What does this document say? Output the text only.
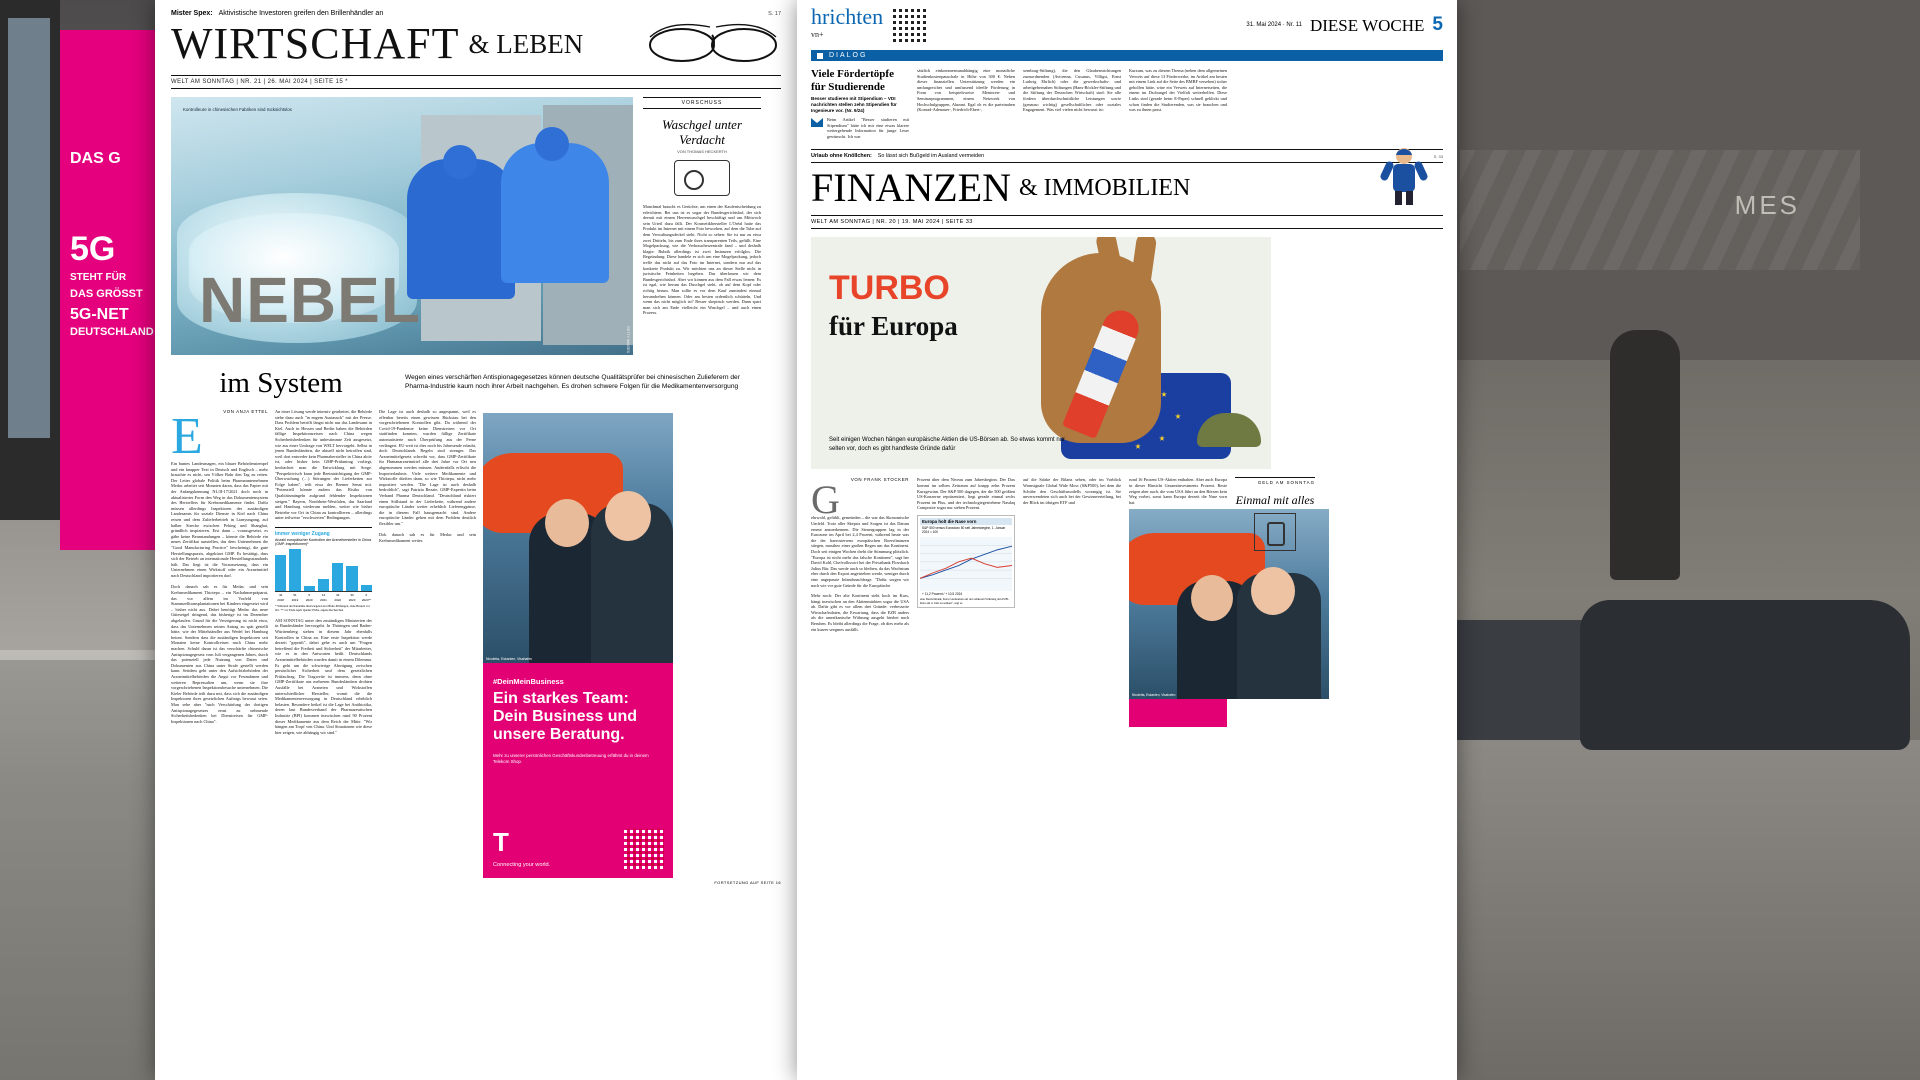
DAS G
5G
STEHT FÜR
DAS GRÖSST
5G-NET
DEUTSCHLAND
MES
Mister Spex: Aktivistische Investoren greifen den Brillenhändler an	S. 17
WIRTSCHAFT & LEBEN
WELT AM SONNTAG | NR. 21 | 26. MAI 2024 | SEITE 15 *
Kontrolleure in chinesischen Fabriken sind rücksichtslos
GETTY IMAGES
NEBEL
VORSCHUSS
Waschgel unter Verdacht
VON THOMAS HECKERTH
Manchmal braucht es Gerüchte, um einen der Kaufentscheidung zu erleichtern. Bei uns ist es sogar der Bundesgerichtshof, der sich dermit mit einem Herrenwaschgel beschäftigt und am Mittwoch sein Urteil dazu fällt. Der Kosmetikhersteller L'Oréal hatte das Produkt im Internet mit einem Foto beworben, auf dem die Tube auf dem Verwaltungsdeckel steht. Nicht so sehen: Sie ist nur zu etwa zwei Dritteln, bis zum Ende ihres transparenten Teils, gefüllt. Eine Mogelpackung, wie die Verbraucherzentrale fand – und deshalb klagte. Rubrik allerdings ist zwei Instanzen erfolglos. Die Begründung: Diese handele es sich um eine Mogelpackung, jedoch treffe das nicht auf das Foto im Internet, sondern nur auf das konkrete Produkt zu. Wir möchten uns an dieser Stelle nicht in juristische Feinheiten begeben. Das überlassen wir dem Bundesgerichtshof. Aber wir können aus dem Fall etwas lernen: Es ist egal, wie herum das Duschgel steht, ob auf dem Kopf oder richtig herum. Man sollte es vor dem Kauf zumindest einmal herumdrehen können. Oder am besten ordentlich schütteln. Und wenn das nicht möglich ist? Besser skeptisch werden. Dann spart man sich am Ende vielleicht ein Waschgel – und auch einen Prozess.
im System	Wegen eines verschärften Antispionagegesetzes können deutsche Qualitätsprüfer bei chinesischen Zulieferern der Pharma-Industrie kaum noch ihrer Arbeit nachgehen. Es drohen schwere Folgen für die Medikamentenversorgung
VON ANJA ETTEL
E
Ein buntes Landesmagen, ein blauer Behördenstempel und ein knapper Text in Deutsch und Englisch – mehr brauchte es nicht, um Völker Bahr den Tag zu retten. Der Leiter globale Politik beim Pharmaunternehmen Medac arbeitet seit Monaten daran, dass das Papier mit der Anfangskennung NL/II-17/2021 doch noch in aktualisierter Form den Weg in das Dokumentensystem des Herstellers für Krebsmedikamente findet. Dafür müssen allerdings Inspektoren des zuständigen Landesamts für soziale Dienste in Kiel nach China reisen und dem Zulieferbetrieb in Lianyungang, auf halber Strecke zwischen Peking und Shanghai, gründlich inspizieren. Erst dann – vorausgesetzt, es gäbe keine Beanstandungen – könnte die Behörde ein neues Zertifikat ausstellen, das dem Unternehmen die "Good Manufacturing Practice" bescheinigt, die gute Herstellungspraxis, abgekürzt GMP. Es bestätigt, dass sich der Betrieb an internationale Herstellungsstandards hält. Das liegt ist die Voraussetzung, dass ein Unternehmen einen Wirkstoff oder ein Arzneimittel nach Deutschland importieren darf.
Doch danach sah es für Medac und sein Krebsmedikament Thiotepa – ein Nachahmerpräparat, das vor allem im Vorfeld von Stammzelltransplantationen bei Kindern eingesetzt wird – bisher nicht aus. Dabei benötigt Medac das neue Güteseigel dringend, das bisherige ist im Dezember abgelaufen. Grund für die Verzögerung ist nicht etwa, dass das Unternehmen seinen Antrag zu spät gestellt hätte, wie der Mittelständler aus Wedel bei Hamburg betont. Sondern dass die zuständigen Inspektoren seit Monaten keine Kontrollreisen nach China mehr machen. Schuld daran ist das verschärfte chinesische Antispionagegesetz vom Juli vergangenen Jahres, durch das potenziell jede Nutzung von Daten und Dokumenten aus China unter Strafe gestellt werden kann. Seitdem geht unter den Aufsichtsbehörden der Arzneimittelbehörden die Angst vor Festnahmen und weiteren Repressalien um, wenn sie ihre vorgeschriebenen Inspektionsbesuche unternehmen. Die Kieler Behörde teilt dazu mit, dass sich die zuständigen Inspektoren ihres gesetzlichen Auftrags bewusst seien. Man sehe aber "nach Verschärfung der dortigen Antispionagegesetzes ernst zu nehmende Sicherheitsbedenken bei Dienstreisen für GMP-Inspektionen nach China".
An einer Lösung werde intensiv gearbeitet, die Behörde stehe dazu auch "in engem Austausch" mit der Presse. Dass Problem betrifft längst nicht nur das Landesamt in Kiel. Auch in Hessen und Berlin haben die Behörden fällige Inspektionsreisen nach China wegen Sicherheitsbedenken für unbestimmte Zeit ausgesetzt, wie aus einer Umfrage von WELT hervorgeht. Selbst in jenen Bundesländern, die aktuell nicht betroffen sind, weil dort entweder kein Pharmahersteller in China aktiv ist, oder bisher kein GMP-Prüfantrag vorliegt, beobachtet man die Entwicklung mit Sorge. "Perspektivisch kann jede Beeinträchtigung der GMP-Überwachung (…) Störungen der Lieferketten zur Folge haben", teilt etwa der Bremer Senat mit. "Potenziell könnte zudem das Risiko von Qualitätsmängeln aufgrund fehlender Inspektionen steigen." Bayern, Nordrhein-Westfalen, das Saarland und Hamburg wiederum melden, weiter wie bisher Betriebe vor Ort in China zu kontrollieren – allerdings unter teilweise "erschwerten" Bedingungen.
Immer weniger Zugang
Anzahl europäischer Kontrollen der Arzneihersteller in China (GMP-Inspektionen)*
44	51	5	14	34	30	6
2018	2019	2020	2021	2022	2023	2024**
* Während der Pandemie überwiegend als Offsite-Prüfungen, ohne Besuch vor Ort. ** vor Ende April Quelle: EMA, eigene Recherchen
AM SONNTAG unter den zuständigen Ministerien der in Bundesländer hervorgeht. In Thüringen und Baden-Württemberg stehen in diesem Jahr ebenfalls Kontrollen in China an. Eine erste Inspektion werde derzeit "geprüft", dabei gehe es auch um "Fragen betreffend die Freiheit und Sicherheit" der Mitarbeiter, wie es in den Antworten heißt. Deutschlands Arzneimittelbehörden wurden damit in einem Dilemma. Es geht um die schwierige Abwägung zwischen persönlicher Sicherheit und dem gesetzlichen Prüfauftrag. Die Tragweite ist immens, denn ohne GMP-Zertifikate aus mehreren Bundesländern drohten Ausfälle bei Arzneien und Wirkstoffen unterschiedlicher Hersteller, womit die die Medikamentenversorgung in Deutschland erheblich belasten. Besondere heikel ist die Lage bei Antibiotika, deren laut Bundesverband der Pharmazeutischen Industrie (BPI) kommen inzwischen rund 90 Prozent dieser Medikamente aus dem Reich der Mitte. "Wir hängen am Tropf von China. Und Situationen wie diese hier zeigen, wie abhängig wir sind."
Die Lage ist auch deshalb so angespannt, weil es offenbar bereits einen gewissen Rückstau bei den vorgeschriebenen Kontrollen gibt. Da während der Covid-19-Pandemie keine Dienstreisen vor Ort stattfinden konnten, wurden fällige Zertifikate automatisierte nach Überprüfung aus der Ferne verlängert. EU-weit ist dies noch bis Jahresende erlaubt, doch Deutschlands Regeln sind strenger. Das Arzneimittelgesetz schreibt vor, dass GMP-Zertifikate für Humanarzneimittel alle drei Jahre vor Ort neu abgenommen werden müssen. Andernfalls erlischt die Importerlaubnis. Viele weitere Medikamente und Wirkstoffe dürften dann, so wie Thiotepa, nicht mehr importiert werden. "Die Lage ist auch deshalb bedrohlich", sagt Patrizia Rezaie, GMP-Expertin beim Verband Pharma Deutschland. "Deutschland riskiert einen Stillstand in der Lieferkette, während andere europäische Länder weiter erheblich Lieferengpässe, die in diesem Fall hausgemacht sind. Andere europäische Länder gehen mit dem Problem deutlich flexibler um."
Dok danach sah es für Medac und sein Krebsmedikament weiter.
Nicoletta, Eskanten, Visahafen
#DeinMeinBusiness
Ein starkes Team: Dein Business und unsere Beratung.
Mehr zu unserer persönlichen Geschäftskundenbetreuung erfährst du in deinem Telekom Shop.
T
Connecting your world.
FORTSETZUNG AUF SEITE 16
hrichten
vn+
31. Mai 2024 · Nr. 11 DIESE WOCHE 5
DIALOG
Viele Fördertöpfe für Studierende
Besser studieren mit Stipendium – VDI nachrichten stellen zehn Stipendien für Ingenieure vor. (Nr. 9/24)
Beim Artikel "Besser studieren mit Stipendium" hätte ich mir eine etwas klarere weitergehende Information für junge Leser gewünscht. Ich war
sätzlich einkommensunabhängig eine monatliche Studienkostenpauschale in Höhe von 300 €. Neben dieser finanziellen Unterstützung werden ein umfangreiches und umfassend ideelle Förderung in Form von beispielsweise Mentoren- und Seminarprogrammen, einem Netzwerk von Hochschulgruppen, Alumni. Egal ob es die parteinahen (Konrad-Adenauer-, Friedrich-Ebert-,
xemburg-Stiftung), die den Glaubensrichtungen zuzuordnenden (Avicenna, Cusanus, Villigst, Ernst Ludwig Ehrlich) oder die gewerkschafts- und arbeitgebernahen Stiftungen (Hans-Böckler-Stiftung und die Stiftung der Deutschen Wirtschaft) sind: Sie alle fördern überdurchschnittliche Leistungen sowie (genauso wichtig) gesellschaftliches oder soziales Engagement. Was viel vielen nicht bewusst ist:
Kurzum, was zu diesem Thema (neben dem allgemeinen Verweis auf diese 13 Förderwerke, im Artikel am besten mit einem Link auf die Seite des BMBF versehen) sicher geholfen hätte, wäre ein Verweis auf Internetseiten, die einem im Dschungel der Vielfalt weiterhelfen. Diese Links sind (gerade beim E-Paper) schnell geklickt und schon finden die Studierenden, was sie brauchen und was zu ihnen passt.
Urlaub ohne Knöllchen: So lässt sich Bußgeld im Ausland vermeiden	S. 33
FINANZEN & IMMOBILIEN
WELT AM SONNTAG | NR. 20 | 19. MAI 2024 | SEITE 33
TURBO
für Europa

Seit einigen Wochen hängen europäische Aktien die US-Börsen ab. So etwas kommt nur selten vor, doch es gibt handfeste Gründe dafür

VON FRANK STOCKER
G
ehrwohl, gefühlt, gemeinden – die war das Skonomische Umfeld. Trotz aller Skepsis und Sorgen ist das Datum erneut anzuerkennen. Die Steuergruppen lag in der Eurozone im April bei 2,4 Prozent, während heute was die der baerosterreno europäischen Boersfinanzen stiegen, maxtheo einer großen Regen um das Kontinent. Doch seit einigen Wochen dreht die Stimmung plötzlich. "Europa ist nicht mehr das falsche Kontinent", sagt her David Kohl, Chefvolkswirt bei der Privatbank Flossbach Julius Bär. Das werde auch so bleiben, da das Wachstum eher durch den Export angetrieben werde, weniger durch eine angepasste Inlandsnachfrage. "Dafür sorgen wir nach wie vor gute Gründe für die Europäische
Mehr noch: Der alte Kontinent steht hoch im Kurs, hängt inzwischen an den Aktienmärkten sogar die USA ab. Dafür gibt es vor allem drei Gründe: verbesserte Wirtschaftsdaten, die Erwartung, dass die EZB anders als die amerikanische Währung ausgeht hierbei nach Beruhen. Es bleibt allerdings die Frage, ob dies mehr als ein kurzer seegmes ausfällt.
Prozent über dem Niveau zum Jahresbeginn. Der Dax kommt im selben Zeitraum auf knapp zehn Prozent Kursgewinn. Der S&P 500 dagegen, der die 500 größten US-Konzerne repräsentiert, liegt gerade einmal sechs Prozent im Plus, und der technologiegetriebene Nasdaq Composite sogar nur sieben Prozent.
Europa holt die Nase vorn
S&P 500 versus Eurostoxx 50 seit Jahresbeginn, 1. Januar 2024 = 100
+ 11,2 Prozent / + 10,5 2024
eine Deutschbank, Kurs Lateinamen auf der stärkeren Währung den EZB-Kurs am 4. Juni zu senken", sagt er.
auf die Stärke der Bilanz sehen, oder im Vorblick Warnsignale Global Wide Mosc (S&P500), bei dem die Schübe den Geschäftsmodells vorrangig ist. Sie unverwendeten sich auch bei der Gewinnverteilung, bei der Blick im übrigen ETF und
rund 16 Prozent US-Aktien enthalten. Aber auch Europa in dieser Hinsicht Gesamtinvestments Prozent. Reste zeigen aber auch, die vom USA führt an den Börsen kein Weg vorbei, sonst kann Europa derzeit die Nase vorn hat.
Nicoletta, Eskanten, Visahafen
GELD AM SONNTAG
Einmal mit alles
